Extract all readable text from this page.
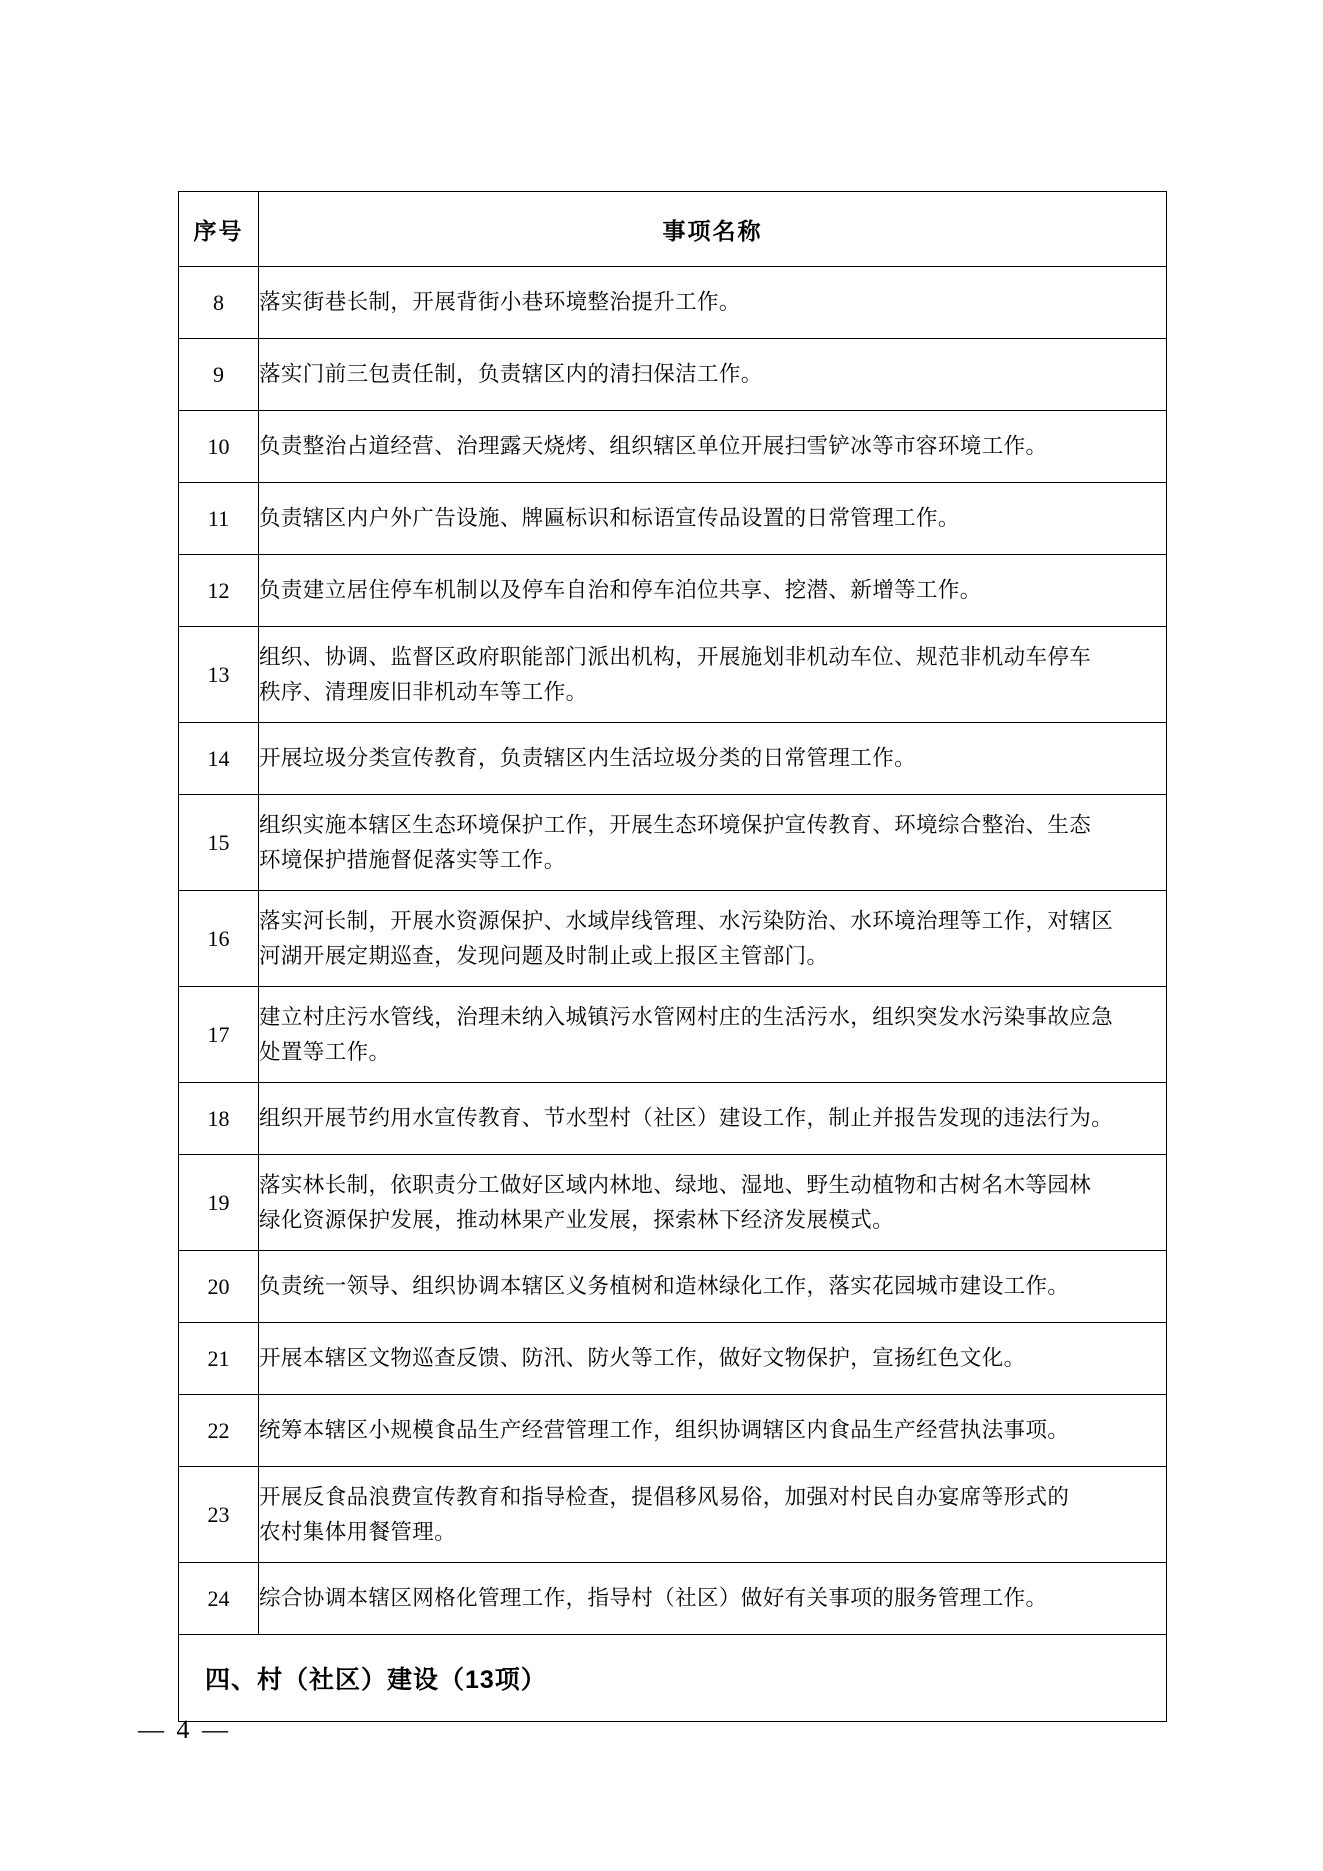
序号	事项名称
8	落实街巷长制，开展背街小巷环境整治提升工作。

9	落实门前三包责任制，负责辖区内的清扫保洁工作。

10	负责整治占道经营、治理露天烧烤、组织辖区单位开展扫雪铲冰等市容环境工作。

11	负责辖区内户外广告设施、牌匾标识和标语宣传品设置的日常管理工作。

12	负责建立居住停车机制以及停车自治和停车泊位共享、挖潜、新增等工作。

13	组织、协调、监督区政府职能部门派出机构，开展施划非机动车位、规范非机动车停车

秩序、清理废旧非机动车等工作。

14	开展垃圾分类宣传教育，负责辖区内生活垃圾分类的日常管理工作。

15	组织实施本辖区生态环境保护工作，开展生态环境保护宣传教育、环境综合整治、生态

环境保护措施督促落实等工作。

16	落实河长制，开展水资源保护、水域岸线管理、水污染防治、水环境治理等工作，对辖区

河湖开展定期巡查，发现问题及时制止或上报区主管部门。

17	建立村庄污水管线，治理未纳入城镇污水管网村庄的生活污水，组织突发水污染事故应急

处置等工作。

18	组织开展节约用水宣传教育、节水型村（社区）建设工作，制止并报告发现的违法行为。

19	落实林长制，依职责分工做好区域内林地、绿地、湿地、野生动植物和古树名木等园林

绿化资源保护发展，推动林果产业发展，探索林下经济发展模式。

20	负责统一领导、组织协调本辖区义务植树和造林绿化工作，落实花园城市建设工作。

21	开展本辖区文物巡查反馈、防汛、防火等工作，做好文物保护，宣扬红色文化。

22	统筹本辖区小规模食品生产经营管理工作，组织协调辖区内食品生产经营执法事项。

23	开展反食品浪费宣传教育和指导检查，提倡移风易俗，加强对村民自办宴席等形式的

农村集体用餐管理。

24	综合协调本辖区网格化管理工作，指导村（社区）做好有关事项的服务管理工作。

四、村（社区）建设（13项）	
— 4 —
